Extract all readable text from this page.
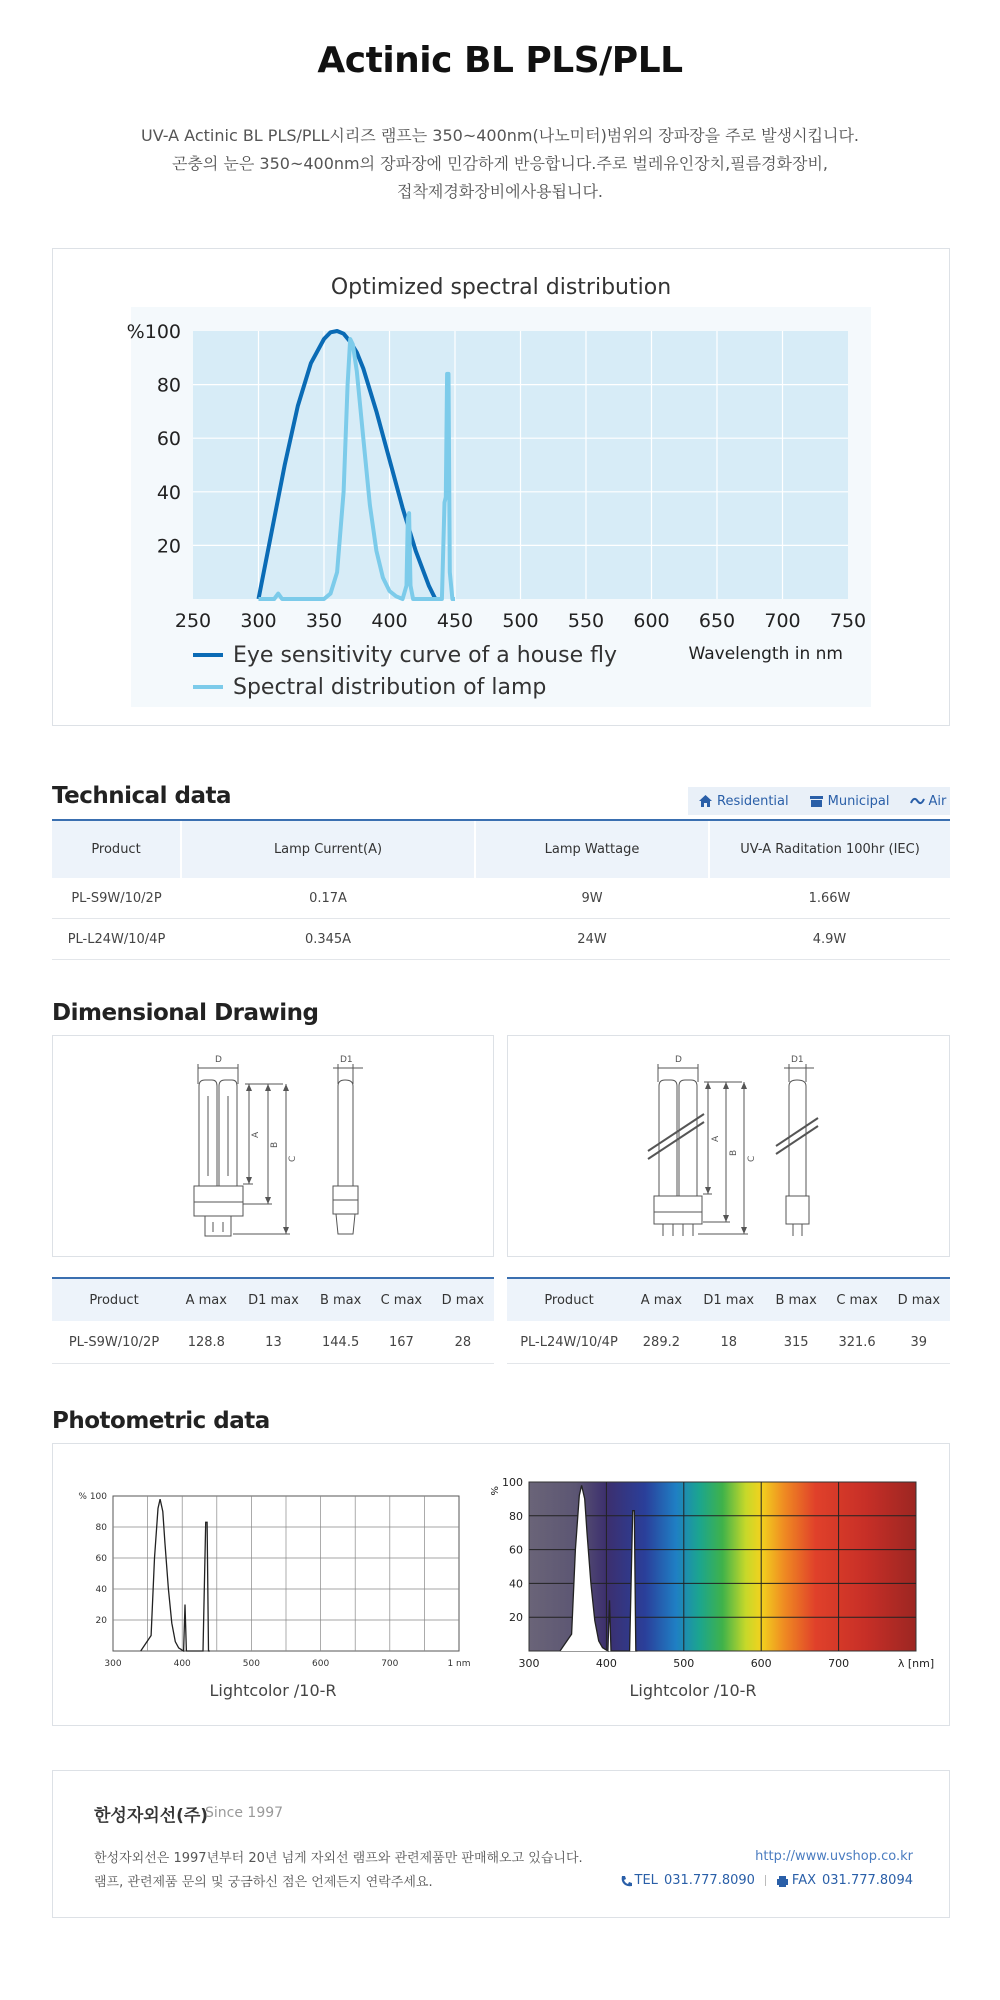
Actinic BL PLS/PLL
UV-A Actinic BL PLS/PLL시리즈 램프는 350~400nm(나노미터)범위의 장파장을 주로 발생시킵니다.
곤충의 눈은 350~400nm의 장파장에 민감하게 반응합니다.주로 벌레유인장치,필름경화장비,
접착제경화장비에사용됩니다.
Optimized spectral distribution
250 300 350 400 450 500 550 600 650 700 750
%100
80
60
40
20
Eye sensitivity curve of a house fly
Spectral distribution of lamp
Wavelength in nm
Technical data	Residential	Municipal	Air
Product	Lamp Current(A)	Lamp Wattage	UV-A Raditation 100hr (IEC)
PL-S9W/10/2P	0.17A	9W	1.66W
PL-L24W/10/4P	0.345A	24W	4.9W
Dimensional Drawing
D	D1
A
B
C
D	D1
A
B
C
Product	A max	D1 max	B max	C max	D max
PL-S9W/10/2P	128.8	13	144.5	167	28
Product	A max	D1 max	B max	C max	D max
PL-L24W/10/4P	289.2	18	315	321.6	39
Photometric data
300	400	500	600	700	1 nm
% 100
80
60
40
20
Lightcolor /10-R
300	400	500	600	700	λ [nm]
100
80
60
40
20
%
Lightcolor /10-R
한성자외선(주)
Since 1997
한성자외선은 1997년부터 20년 넘게 자외선 램프와 관련제품만 판매해오고 있습니다.
램프, 관련제품 문의 및 궁금하신 점은 언제든지 연락주세요.
http://www.uvshop.co.kr
TEL 031.777.8090	FAX 031.777.8094
